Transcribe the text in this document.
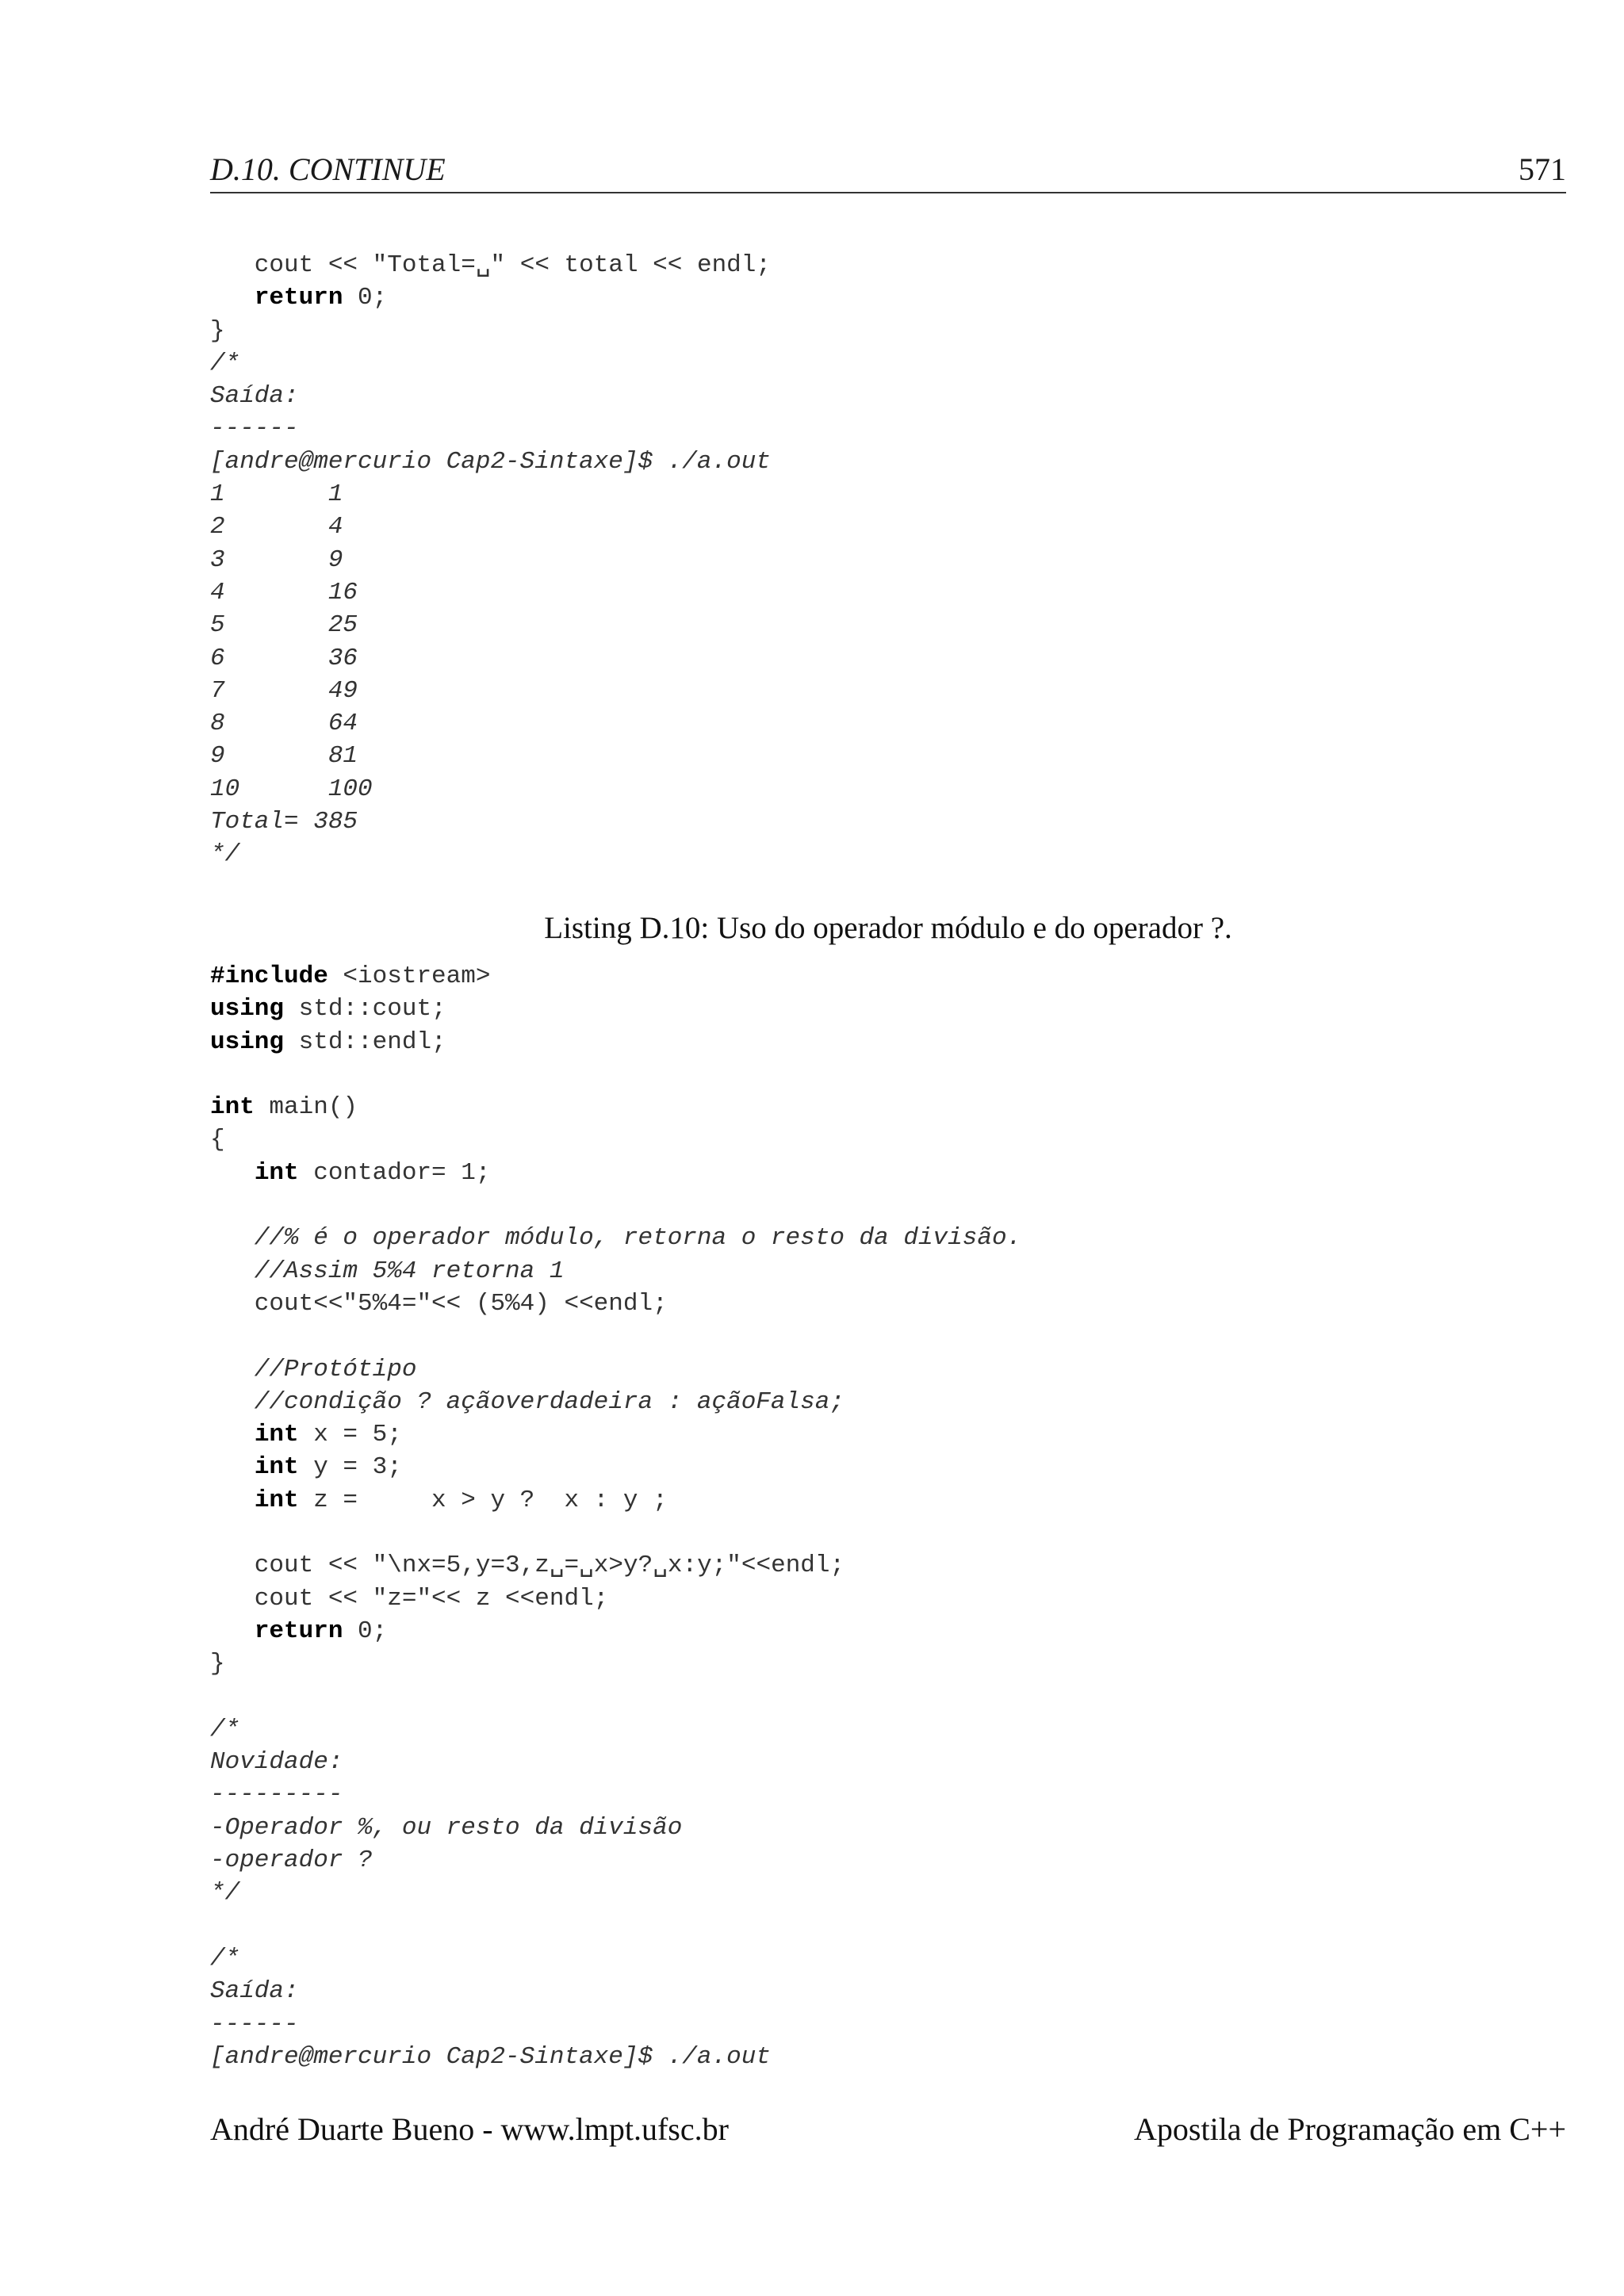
D.10. CONTINUE	571
cout << "Total=␣" << total << endl;
return 0;
}
/*
Saída:
------
[andre@mercurio Cap2-Sintaxe]$ ./a.out
1       1
2       4
3       9
4       16
5       25
6       36
7       49
8       64
9       81
10      100
Total= 385
*/
Listing D.10: Uso do operador módulo e do operador ?.
#include <iostream>
using std::cout;
using std::endl;
int main()
{
int contador= 1;
//% é o operador módulo, retorna o resto da divisão.
//Assim 5%4 retorna 1
cout<<"5%4="<< (5%4) <<endl;
//Protótipo
//condição ? açãoverdadeira : açãoFalsa;
int x = 5;
int y = 3;
int z =     x > y ?  x : y ;
cout << "\nx=5,y=3,z␣=␣x>y?␣x:y;"<<endl;
cout << "z="<< z <<endl;
return 0;
}
/*
Novidade:
---------
-Operador %, ou resto da divisão
-operador ?
*/
/*
Saída:
------
[andre@mercurio Cap2-Sintaxe]$ ./a.out
André Duarte Bueno - www.lmpt.ufsc.br	Apostila de Programação em C++
